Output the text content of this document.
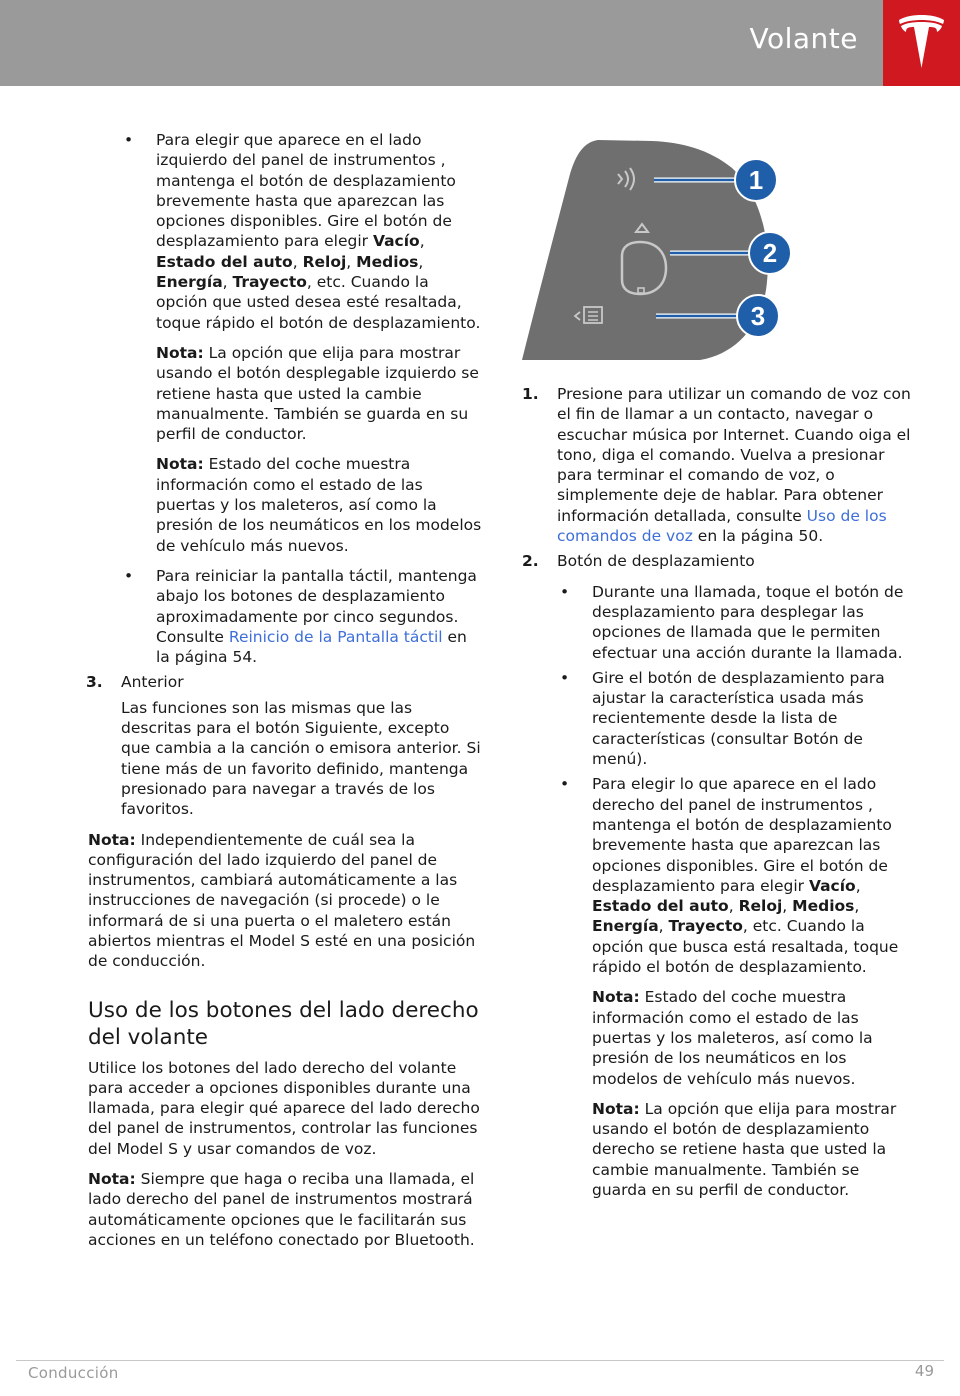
Volante
• Para elegir que aparece en el lado izquierdo del panel de instrumentos , mantenga el botón de desplazamiento brevemente hasta que aparezcan las opciones disponibles. Gire el botón de desplazamiento para elegir Vacío, Estado del auto, Reloj, Medios, Energía, Trayecto, etc. Cuando la opción que usted desea esté resaltada, toque rápido el botón de desplazamiento.

Nota: La opción que elija para mostrar usando el botón desplegable izquierdo se retiene hasta que usted la cambie manualmente. También se guarda en su perfil de conductor.

Nota: Estado del coche muestra información como el estado de las puertas y los maleteros, así como la presión de los neumáticos en los modelos de vehículo más nuevos.

• Para reiniciar la pantalla táctil, mantenga abajo los botones de desplazamiento aproximadamente por cinco segundos. Consulte Reinicio de la Pantalla táctil en la página 54.

3. Anterior

Las funciones son las mismas que las descritas para el botón Siguiente, excepto que cambia a la canción o emisora anterior. Si tiene más de un favorito definido, mantenga presionado para navegar a través de los favoritos.

Nota: Independientemente de cuál sea la configuración del lado izquierdo del panel de instrumentos, cambiará automáticamente a las instrucciones de navegación (si procede) o le informará de si una puerta o el maletero están abiertos mientras el Model S esté en una posición de conducción.

Uso de los botones del lado derecho del volante

Utilice los botones del lado derecho del volante para acceder a opciones disponibles durante una llamada, para elegir qué aparece del lado derecho del panel de instrumentos, controlar las funciones del Model S y usar comandos de voz.

Nota: Siempre que haga o reciba una llamada, el lado derecho del panel de instrumentos mostrará automáticamente opciones que le facilitarán sus acciones en un teléfono conectado por Bluetooth.

1
2
3
1. Presione para utilizar un comando de voz con el fin de llamar a un contacto, navegar o escuchar música por Internet. Cuando oiga el tono, diga el comando. Vuelva a presionar para terminar el comando de voz, o simplemente deje de hablar. Para obtener información detallada, consulte Uso de los comandos de voz en la página 50.

2. Botón de desplazamiento

• Durante una llamada, toque el botón de desplazamiento para desplegar las opciones de llamada que le permiten efectuar una acción durante la llamada.

• Gire el botón de desplazamiento para ajustar la característica usada más recientemente desde la lista de características (consultar Botón de menú).

• Para elegir lo que aparece en el lado derecho del panel de instrumentos , mantenga el botón de desplazamiento brevemente hasta que aparezcan las opciones disponibles. Gire el botón de desplazamiento para elegir Vacío, Estado del auto, Reloj, Medios, Energía, Trayecto, etc. Cuando la opción que busca está resaltada, toque rápido el botón de desplazamiento.

Nota: Estado del coche muestra información como el estado de las puertas y los maleteros, así como la presión de los neumáticos en los modelos de vehículo más nuevos.

Nota: La opción que elija para mostrar usando el botón de desplazamiento derecho se retiene hasta que usted la cambie manualmente. También se guarda en su perfil de conductor.

Conducción	49
